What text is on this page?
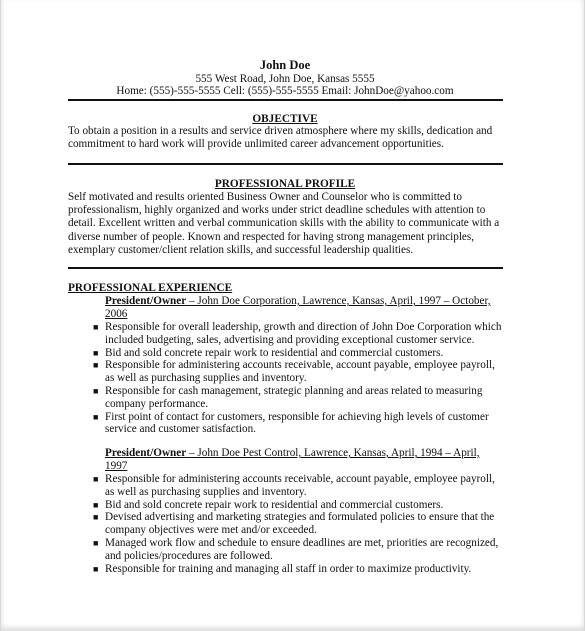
John Doe
555 West Road, John Doe, Kansas 5555
Home: (555)-555-5555 Cell: (555)-555-5555 Email: JohnDoe@yahoo.com
OBJECTIVE
To obtain a position in a results and service driven atmosphere where my skills, dedication and commitment to hard work will provide unlimited career advancement opportunities.
PROFESSIONAL PROFILE
Self motivated and results oriented Business Owner and Counselor who is committed to professionalism, highly organized and works under strict deadline schedules with attention to detail. Excellent written and verbal communication skills with the ability to communicate with a diverse number of people. Known and respected for having strong management principles, exemplary customer/client relation skills, and successful leadership qualities.
PROFESSIONAL EXPERIENCE
President/Owner – John Doe Corporation, Lawrence, Kansas, April, 1997 – October, 2006
■ Responsible for overall leadership, growth and direction of John Doe Corporation which included budgeting, sales, advertising and providing exceptional customer service.
■ Bid and sold concrete repair work to residential and commercial customers.
■ Responsible for administering accounts receivable, account payable, employee payroll, as well as purchasing supplies and inventory.
■ Responsible for cash management, strategic planning and areas related to measuring company performance.
■ First point of contact for customers, responsible for achieving high levels of customer service and customer satisfaction.
President/Owner – John Doe Pest Control, Lawrence, Kansas, April, 1994 – April, 1997
■ Responsible for administering accounts receivable, account payable, employee payroll, as well as purchasing supplies and inventory.
■ Bid and sold concrete repair work to residential and commercial customers.
■ Devised advertising and marketing strategies and formulated policies to ensure that the company objectives were met and/or exceeded.
■ Managed work flow and schedule to ensure deadlines are met, priorities are recognized, and policies/procedures are followed.
■ Responsible for training and managing all staff in order to maximize productivity.
